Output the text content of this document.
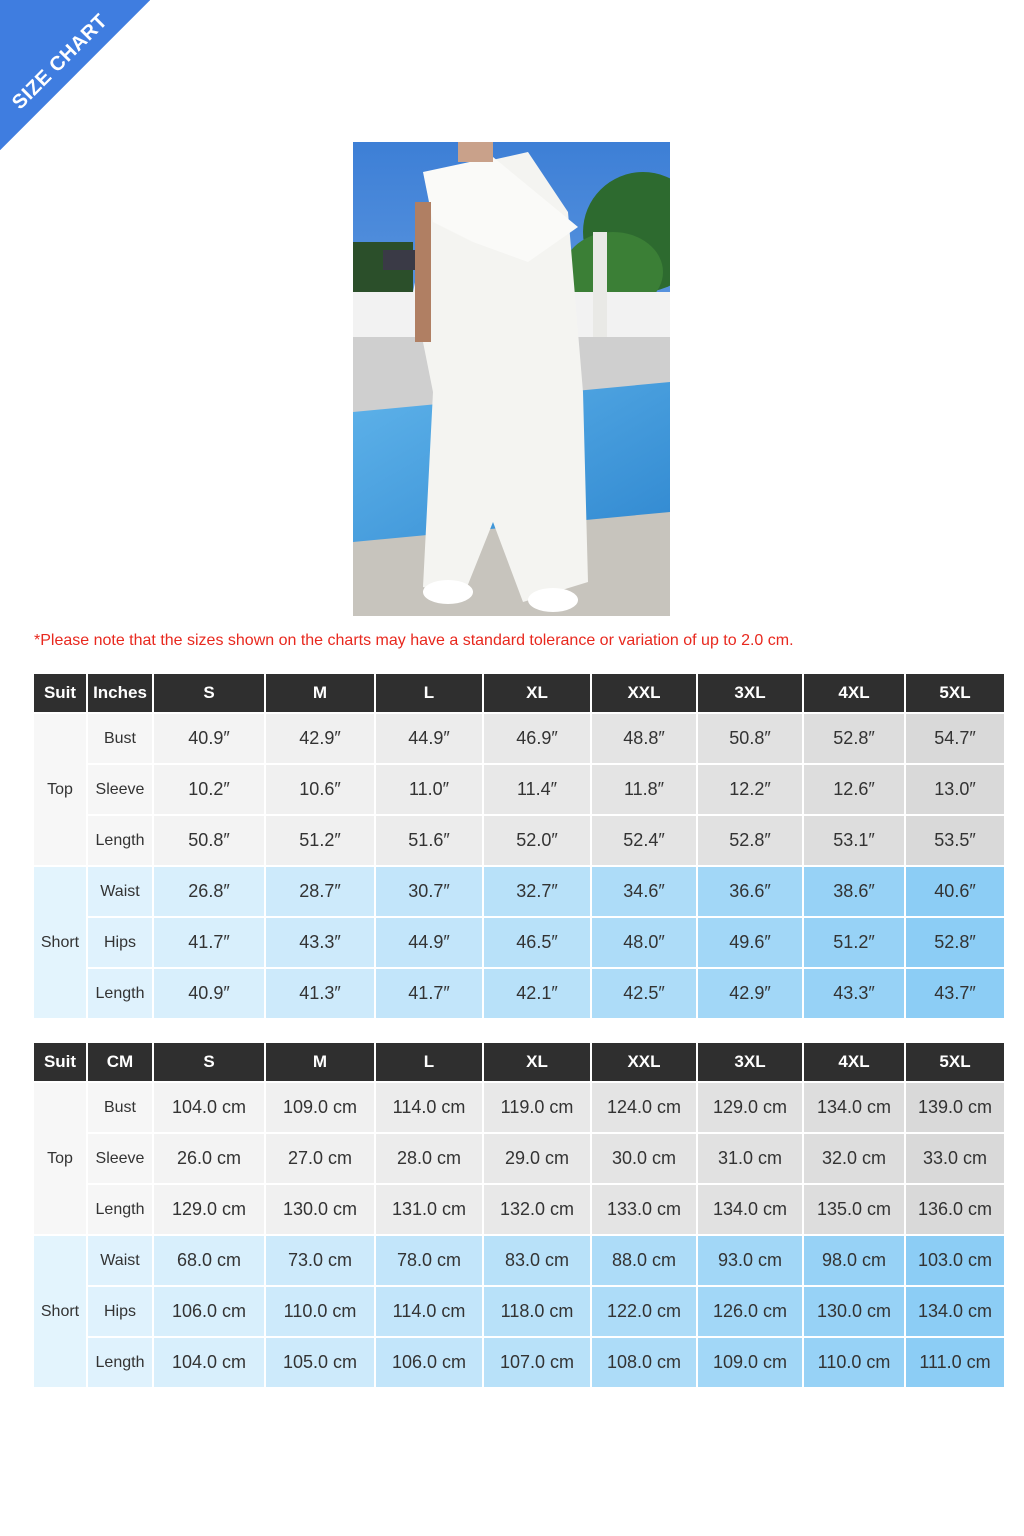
SIZE CHART
*Please note that the sizes shown on the charts may have a standard tolerance or variation of up to 2.0 cm.
Suit	Inches	S	M	L	XL	XXL	3XL	4XL	5XL
Top	Bust	40.9″	42.9″	44.9″	46.9″	48.8″	50.8″	52.8″	54.7″
	Sleeve	10.2″	10.6″	11.0″	11.4″	11.8″	12.2″	12.6″	13.0″
	Length	50.8″	51.2″	51.6″	52.0″	52.4″	52.8″	53.1″	53.5″
Short	Waist	26.8″	28.7″	30.7″	32.7″	34.6″	36.6″	38.6″	40.6″
	Hips	41.7″	43.3″	44.9″	46.5″	48.0″	49.6″	51.2″	52.8″
	Length	40.9″	41.3″	41.7″	42.1″	42.5″	42.9″	43.3″	43.7″
Suit	CM	S	M	L	XL	XXL	3XL	4XL	5XL
Top	Bust	104.0 cm	109.0 cm	114.0 cm	119.0 cm	124.0 cm	129.0 cm	134.0 cm	139.0 cm
	Sleeve	26.0 cm	27.0 cm	28.0 cm	29.0 cm	30.0 cm	31.0 cm	32.0 cm	33.0 cm
	Length	129.0 cm	130.0 cm	131.0 cm	132.0 cm	133.0 cm	134.0 cm	135.0 cm	136.0 cm
Short	Waist	68.0 cm	73.0 cm	78.0 cm	83.0 cm	88.0 cm	93.0 cm	98.0 cm	103.0 cm
	Hips	106.0 cm	110.0 cm	114.0 cm	118.0 cm	122.0 cm	126.0 cm	130.0 cm	134.0 cm
	Length	104.0 cm	105.0 cm	106.0 cm	107.0 cm	108.0 cm	109.0 cm	110.0 cm	111.0 cm
